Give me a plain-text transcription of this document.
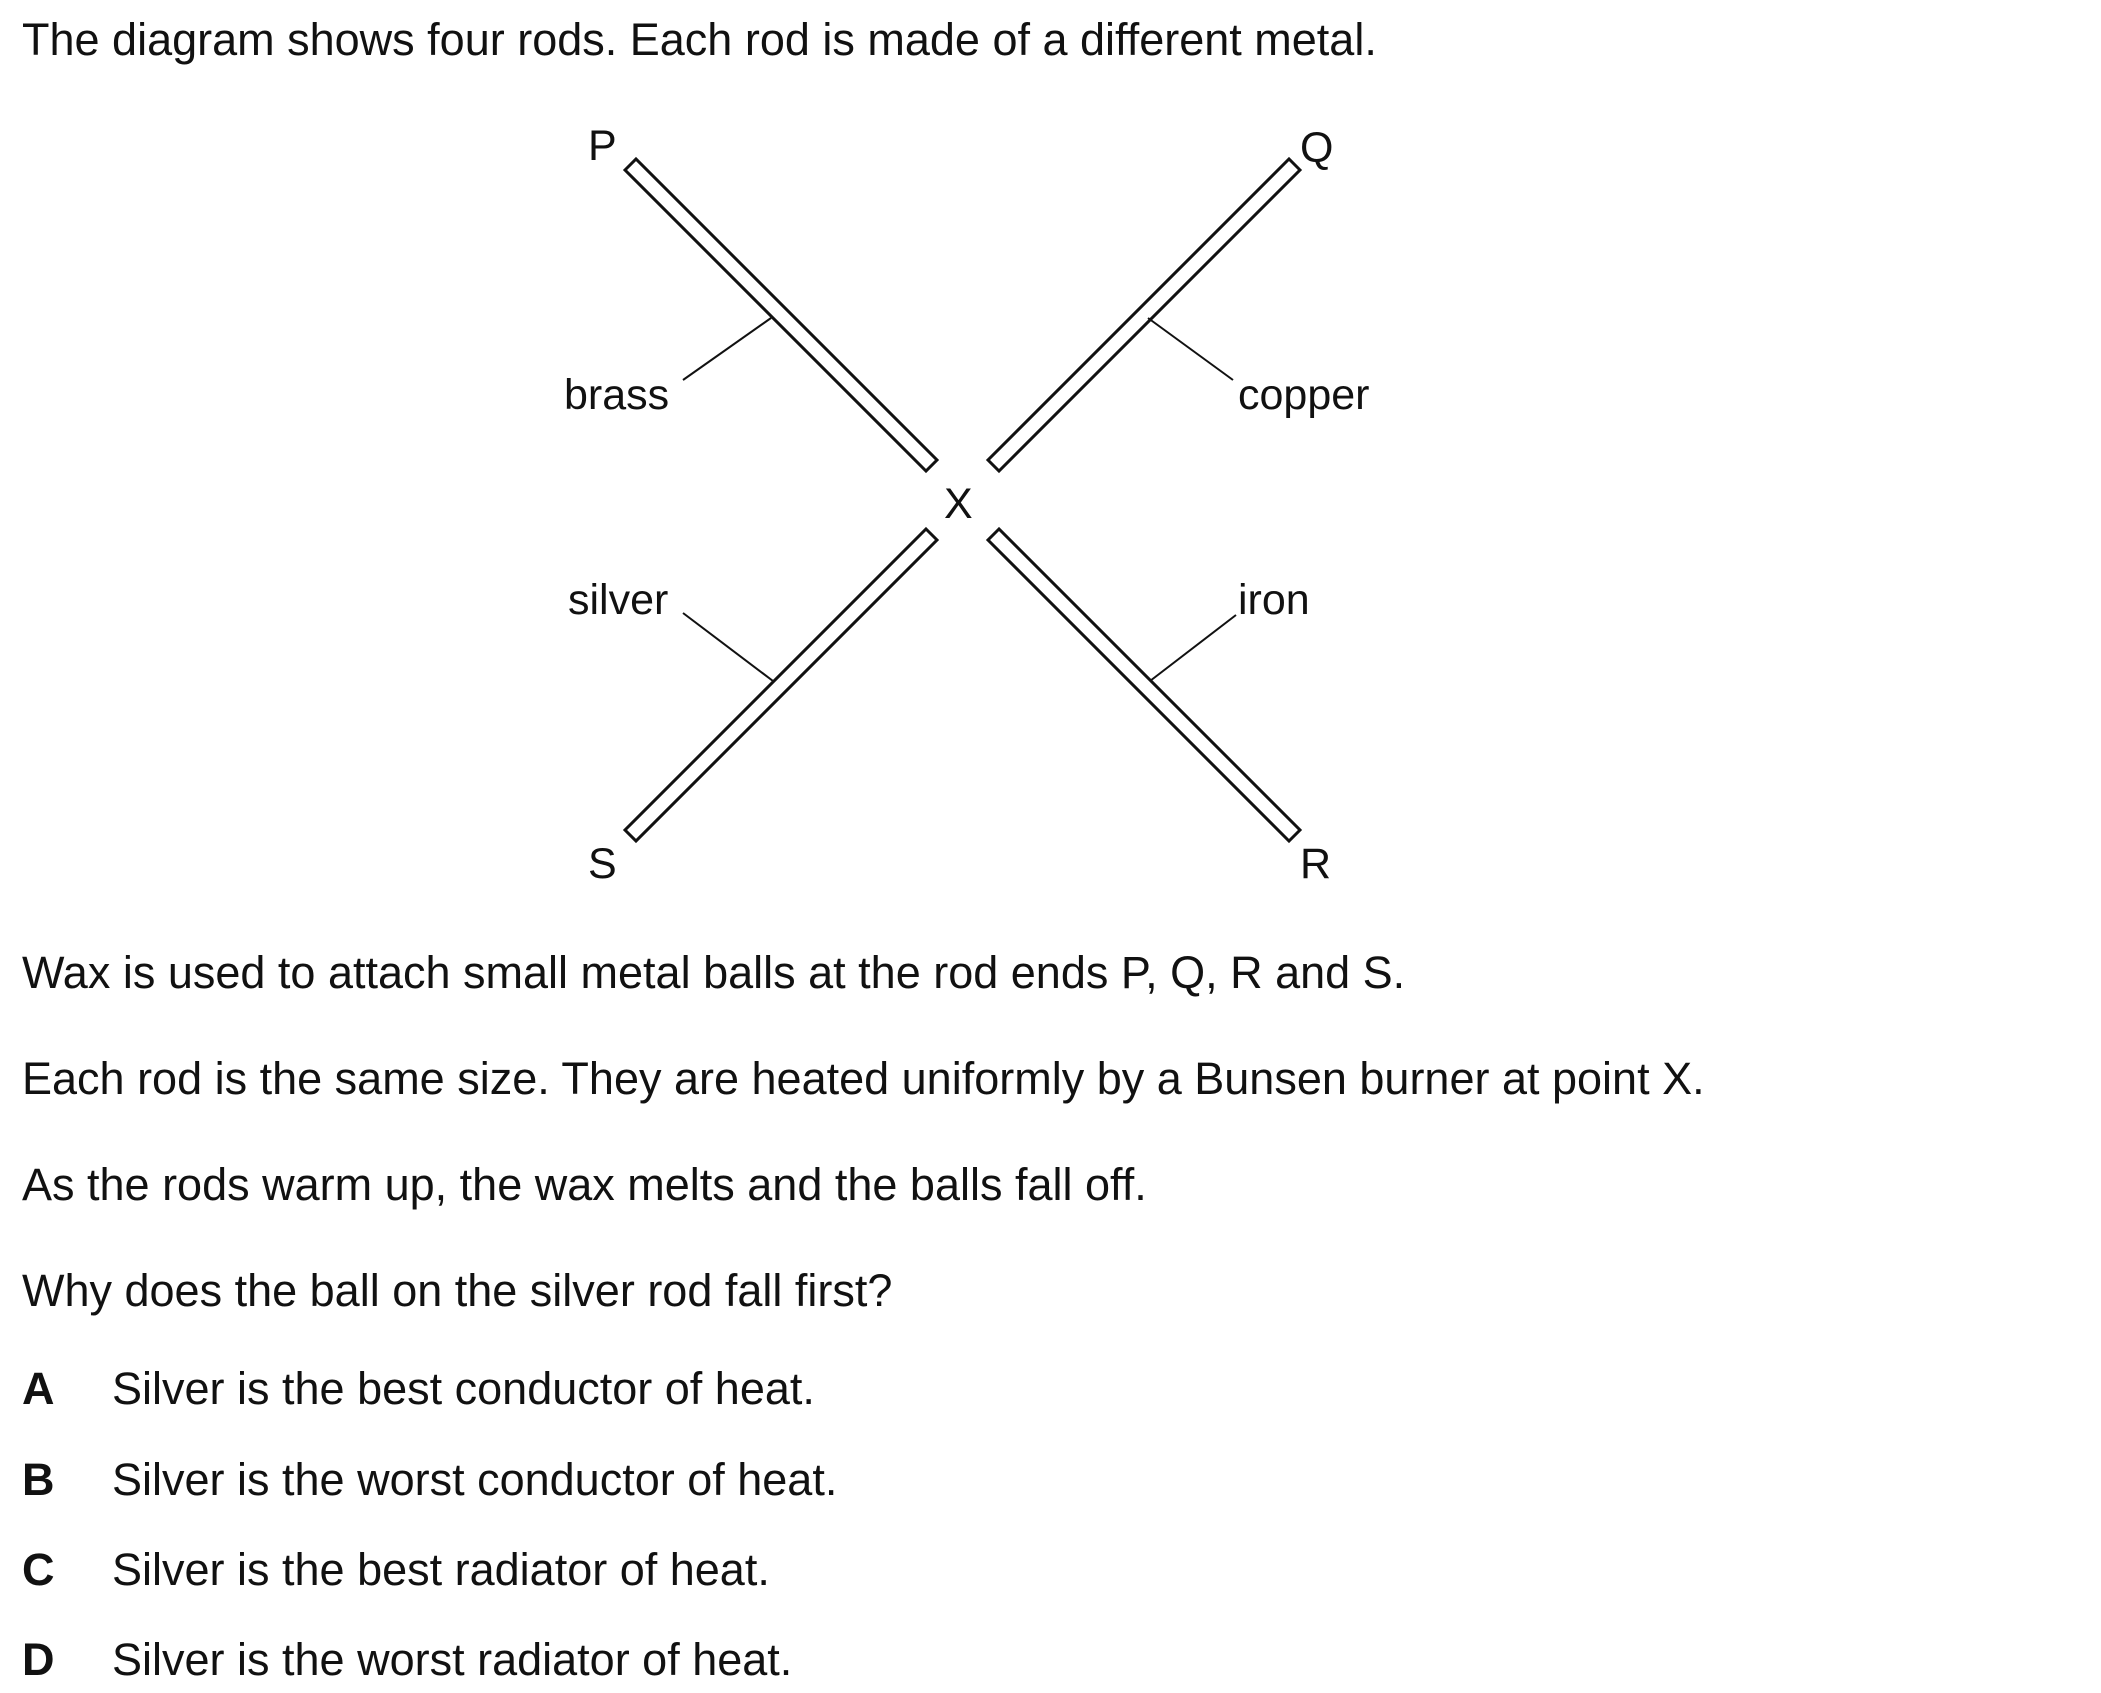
The diagram shows four rods. Each rod is made of a different metal.

P	Q
S	R
X
brass	copper
silver	iron

Wax is used to attach small metal balls at the rod ends P, Q, R and S.

Each rod is the same size. They are heated uniformly by a Bunsen burner at point X.

As the rods warm up, the wax melts and the balls fall off.

Why does the ball on the silver rod fall first?

A Silver is the best conductor of heat.
B Silver is the worst conductor of heat.
C Silver is the best radiator of heat.
D Silver is the worst radiator of heat.
